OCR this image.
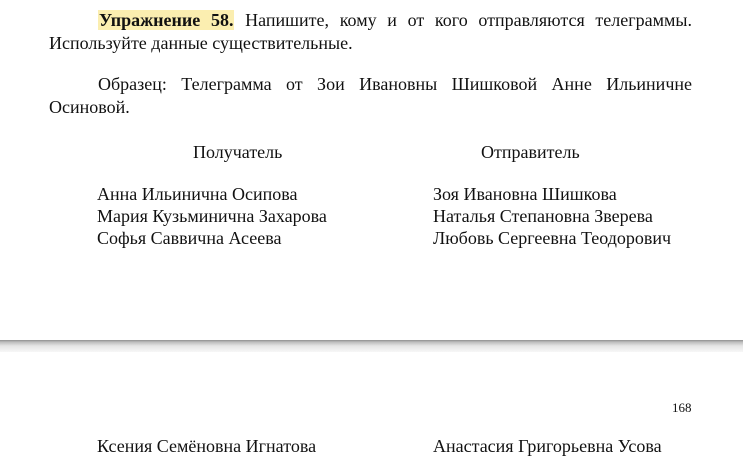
Упражнение 58. Напишите, кому и от кого отправляются телеграммы. Используйте данные существительные.

Образец: Телеграмма от Зои Ивановны Шишковой Анне Ильиничне Осиновой.

Получатель	Отправитель
Анна Ильинична Осипова
Мария Кузьминична Захарова
Софья Саввична Асеева
Зоя Ивановна Шишкова
Наталья Степановна Зверева
Любовь Сергеевна Теодорович
168
Ксения Семёновна Игнатова	Анастасия Григорьевна Усова
